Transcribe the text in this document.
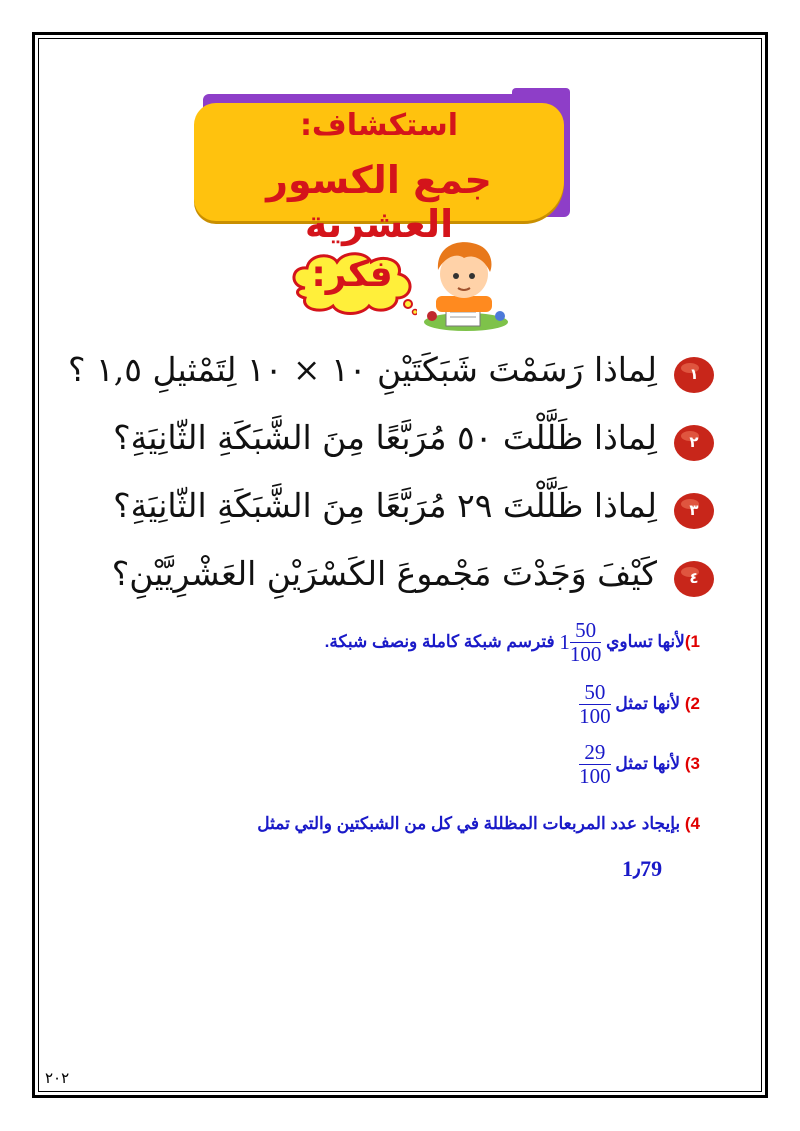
استكشاف:
جمع الكسور العشرية
فكر:
١
لِماذا رَسَمْتَ شَبَكَتَيْنِ ١٠ × ١٠ لِتَمْثيلِ ١,٥ ؟
٢
لِماذا ظَلَّلْتَ ٥٠ مُرَبَّعًا مِنَ الشَّبَكَةِ الثّانِيَةِ؟
٣
لِماذا ظَلَّلْتَ ٢٩ مُرَبَّعًا مِنَ الشَّبَكَةِ الثّانِيَةِ؟
٤
كَيْفَ وَجَدْتَ مَجْموعَ الكَسْرَيْنِ العَشْرِيَّيْنِ؟
1)لأنها تساوي $1 \frac{50}{100}$
فترسم شبكة كاملة ونصف شبكة.
2) لأنها تمثل
$\frac{50}{100}$
3) لأنها تمثل
$\frac{29}{100}$
4) بإيجاد عدد المربعات المظللة في كل من الشبكتين والتي تمثل
1٫79
٢٠٢
